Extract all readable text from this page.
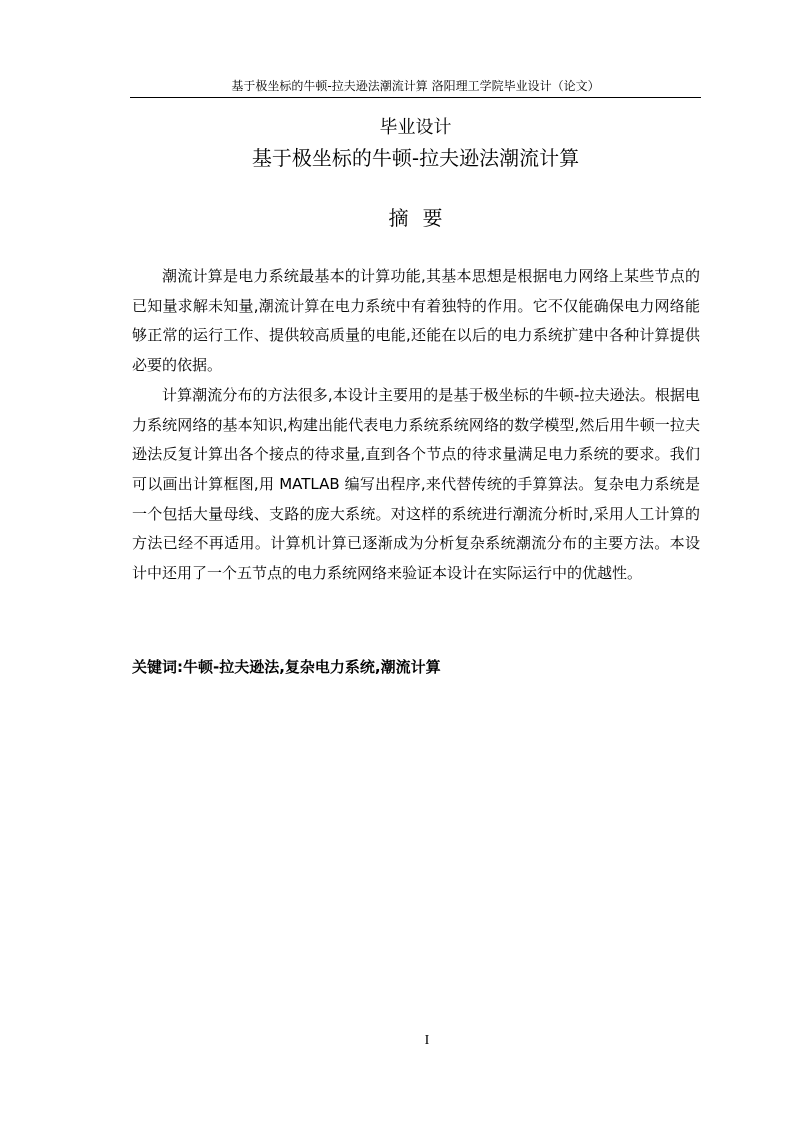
基于极坐标的牛顿-拉夫逊法潮流计算 洛阳理工学院毕业设计（论文）
毕业设计
基于极坐标的牛顿-拉夫逊法潮流计算
摘要

潮流计算是电力系统最基本的计算功能,其基本思想是根据电力网络上某些节点的已知量求解未知量,潮流计算在电力系统中有着独特的作用。它不仅能确保电力网络能够正常的运行工作、提供较高质量的电能,还能在以后的电力系统扩建中各种计算提供必要的依据。

计算潮流分布的方法很多,本设计主要用的是基于极坐标的牛顿-拉夫逊法。根据电力系统网络的基本知识,构建出能代表电力系统系统网络的数学模型,然后用牛顿一拉夫逊法反复计算出各个接点的待求量,直到各个节点的待求量满足电力系统的要求。我们可以画出计算框图,用 MATLAB 编写出程序,来代替传统的手算算法。复杂电力系统是一个包括大量母线、支路的庞大系统。对这样的系统进行潮流分析时,采用人工计算的方法已经不再适用。计算机计算已逐渐成为分析复杂系统潮流分布的主要方法。本设计中还用了一个五节点的电力系统网络来验证本设计在实际运行中的优越性。

关键词:牛顿-拉夫逊法,复杂电力系统,潮流计算
I
